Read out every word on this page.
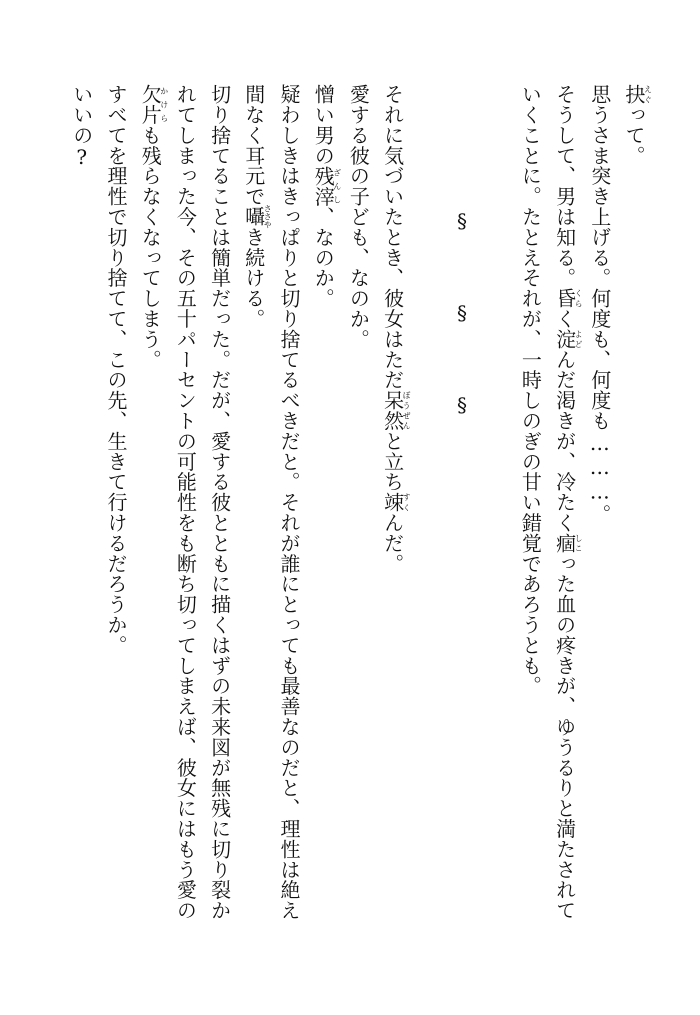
抉えぐって。
思うさま突き上げる。何度も、何度も………。
そうして、男は知る。昏くらく淀よどんだ渇きが、冷たく痼しこった血の疼きが、ゆうるりと満たされて
いくことに。たとえそれが、一時しのぎの甘い錯覚であろうとも。
§ § §
それに気づいたとき、彼女はただ呆然ぼうぜんと立ち竦すくんだ。
愛する彼の子ども、なのか。
憎い男の残滓ざんし、なのか。
疑わしきはきっぱりと切り捨てるべきだと。それが誰にとっても最善なのだと、理性は絶え
間なく耳元で囁ささやき続ける。
切り捨てることは簡単だった。だが、愛する彼とともに描くはずの未来図が無残に切り裂か
れてしまった今、その五十パーセントの可能性をも断ち切ってしまえば、彼女にはもう愛の
欠片かけらも残らなくなってしまう。
すべてを理性で切り捨てて、この先、生きて行けるだろうか。
いいの?
